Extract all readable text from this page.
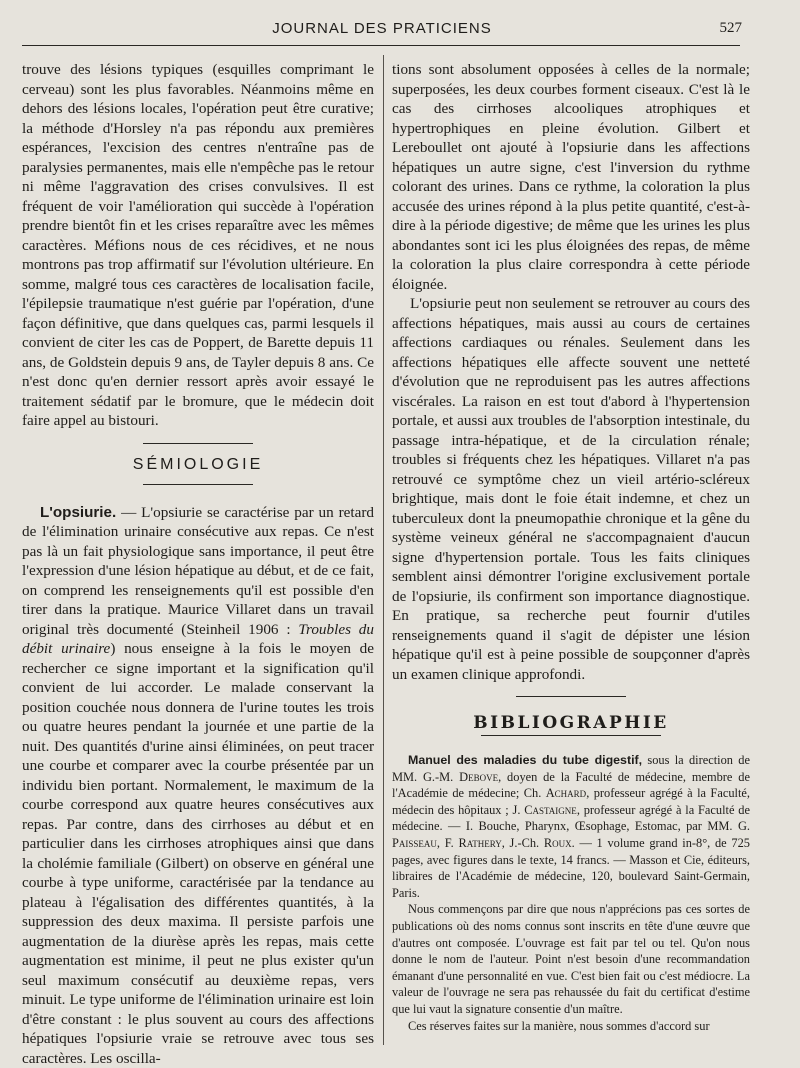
JOURNAL DES PRATICIENS	527

trouve des lésions typiques (esquilles comprimant le cerveau) sont les plus favorables. Néanmoins même en dehors des lésions locales, l'opération peut être curative; la méthode d'Horsley n'a pas répondu aux premières espérances, l'excision des centres n'entraîne pas de paralysies permanentes, mais elle n'empêche pas le retour ni même l'aggravation des crises convulsives. Il est fréquent de voir l'amélioration qui succède à l'opération prendre bientôt fin et les crises reparaître avec les mêmes caractères. Méfions nous de ces récidives, et ne nous montrons pas trop affirmatif sur l'évolution ultérieure. En somme, malgré tous ces caractères de localisation facile, l'épilepsie traumatique n'est guérie par l'opération, d'une façon définitive, que dans quelques cas, parmi lesquels il convient de citer les cas de Poppert, de Barette depuis 11 ans, de Goldstein depuis 9 ans, de Tayler depuis 8 ans. Ce n'est donc qu'en dernier ressort après avoir essayé le traitement sédatif par le bromure, que le médecin doit faire appel au bistouri.

SÉMIOLOGIE

L'opsiurie. — L'opsiurie se caractérise par un retard de l'élimination urinaire consécutive aux repas. Ce n'est pas là un fait physiologique sans importance, il peut être l'expression d'une lésion hépatique au début, et de ce fait, on comprend les renseignements qu'il est possible d'en tirer dans la pratique. Maurice Villaret dans un travail original très documenté (Steinheil 1906 : Troubles du débit urinaire) nous enseigne à la fois le moyen de rechercher ce signe important et la signification qu'il convient de lui accorder. Le malade conservant la position couchée nous donnera de l'urine toutes les trois ou quatre heures pendant la journée et une partie de la nuit. Des quantités d'urine ainsi éliminées, on peut tracer une courbe et comparer avec la courbe présentée par un individu bien portant. Normalement, le maximum de la courbe correspond aux quatre heures consécutives aux repas. Par contre, dans des cirrhoses au début et en particulier dans les cirrhoses atrophiques ainsi que dans la cholémie familiale (Gilbert) on observe en général une courbe à type uniforme, caractérisée par la tendance au plateau à l'égalisation des différentes quantités, à la suppression des deux maxima. Il persiste parfois une augmentation de la diurèse après les repas, mais cette augmentation est minime, il peut ne plus exister qu'un seul maximum consécutif au deuxième repas, vers minuit. Le type uniforme de l'élimination urinaire est loin d'être constant : le plus souvent au cours des affections hépatiques l'opsiurie vraie se retrouve avec tous ses caractères. Les oscilla-

tions sont absolument opposées à celles de la normale; superposées, les deux courbes forment ciseaux. C'est là le cas des cirrhoses alcooliques atrophiques et hypertrophiques en pleine évolution. Gilbert et Lereboullet ont ajouté à l'opsiurie dans les affections hépatiques un autre signe, c'est l'inversion du rythme colorant des urines. Dans ce rythme, la coloration la plus accusée des urines répond à la plus petite quantité, c'est-à-dire à la période digestive; de même que les urines les plus abondantes sont ici les plus éloignées des repas, de même la coloration la plus claire correspondra à cette période éloignée.

L'opsiurie peut non seulement se retrouver au cours des affections hépatiques, mais aussi au cours de certaines affections cardiaques ou rénales. Seulement dans les affections hépatiques elle affecte souvent une netteté d'évolution que ne reproduisent pas les autres affections viscérales. La raison en est tout d'abord à l'hypertension portale, et aussi aux troubles de l'absorption intestinale, du passage intra-hépatique, et de la circulation rénale; troubles si fréquents chez les hépatiques. Villaret n'a pas retrouvé ce symptôme chez un vieil artério-scléreux brightique, mais dont le foie était indemne, et chez un tuberculeux dont la pneumopathie chronique et la gêne du système veineux général ne s'accompagnaient d'aucun signe d'hypertension portale. Tous les faits cliniques semblent ainsi démontrer l'origine exclusivement portale de l'opsiurie, ils confirment son importance diagnostique. En pratique, sa recherche peut fournir d'utiles renseignements quand il s'agit de dépister une lésion hépatique qu'il est à peine possible de soupçonner d'après un examen clinique approfondi.

BIBLIOGRAPHIE

Manuel des maladies du tube digestif, sous la direction de MM. G.-M. Debove, doyen de la Faculté de médecine, membre de l'Académie de médecine; Ch. Achard, professeur agrégé à la Faculté, médecin des hôpitaux ; J. Castaigne, professeur agrégé à la Faculté de médecine. — I. Bouche, Pharynx, Œsophage, Estomac, par MM. G. Paisseau, F. Rathery, J.-Ch. Roux. — 1 volume grand in-8°, de 725 pages, avec figures dans le texte, 14 francs. — Masson et Cie, éditeurs, libraires de l'Académie de médecine, 120, boulevard Saint-Germain, Paris.

Nous commençons par dire que nous n'apprécions pas ces sortes de publications où des noms connus sont inscrits en tête d'une œuvre que d'autres ont composée. L'ouvrage est fait par tel ou tel. Qu'on nous donne le nom de l'auteur. Point n'est besoin d'une recommandation émanant d'une personnalité en vue. C'est bien fait ou c'est médiocre. La valeur de l'ouvrage ne sera pas rehaussée du fait du certificat d'estime que lui vaut la signature consentie d'un maître.

Ces réserves faites sur la manière, nous sommes d'accord sur
